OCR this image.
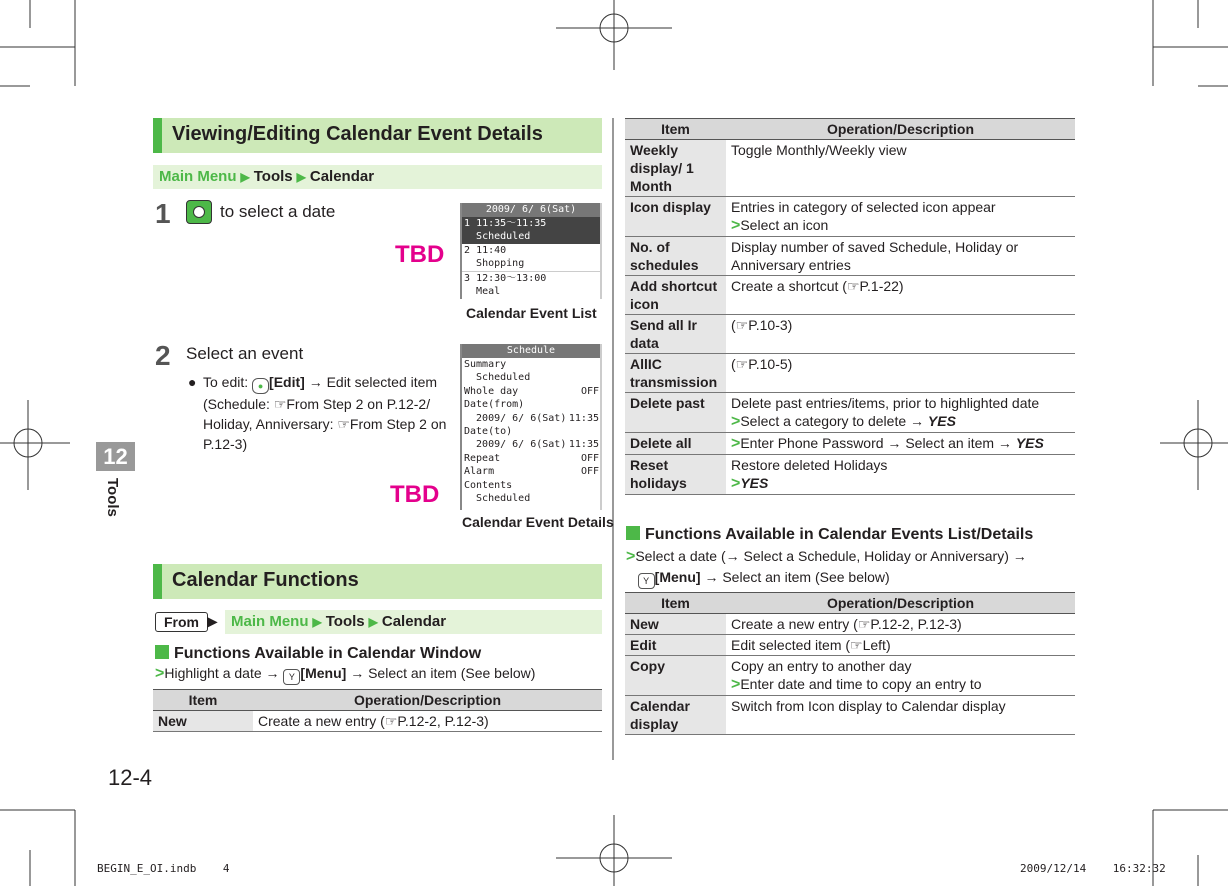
Viewing/Editing Calendar Event Details
Main Menu ▶ Tools ▶ Calendar
1	to select a date	2009/ 6/ 6(Sat)
1 11:35～11:35
Scheduled
2 11:40
Shopping
3 12:30～13:00
Meal
TBD
Calendar Event List
2 Select an event
● To edit: ● [Edit] → Edit selected item (Schedule: ☞From Step 2 on P.12-2/ Holiday, Anniversary: ☞From Step 2 on P.12-3)
Schedule
Summary
Scheduled
Whole day	OFF
Date(from)
2009/ 6/ 6(Sat) 11:35
Date(to)
2009/ 6/ 6(Sat) 11:35
Repeat	OFF
Alarm	OFF
Contents
Scheduled
TBD
Calendar Event Details
Calendar Functions
From ▶ Main Menu ▶ Tools ▶ Calendar
Functions Available in Calendar Window
>Highlight a date → Y [Menu] → Select an item (See below)
Item	Operation/Description
New	Create a new entry (☞P.12-2, P.12-3)
Item	Operation/Description
Weekly display/ 1 Month	Toggle Monthly/Weekly view
Icon display	Entries in category of selected icon appear
>Select an icon
No. of schedules	Display number of saved Schedule, Holiday or Anniversary entries
Add shortcut icon	Create a shortcut (☞P.1-22)
Send all Ir data	(☞P.10-3)
AllIC transmission	(☞P.10-5)
Delete past	Delete past entries/items, prior to highlighted date
>Select a category to delete → YES
Delete all	>Enter Phone Password → Select an item → YES
Reset holidays	Restore deleted Holidays
>YES
Functions Available in Calendar Events List/Details
>Select a date (→ Select a Schedule, Holiday or Anniversary) →
Y [Menu] → Select an item (See below)
Item	Operation/Description
New	Create a new entry (☞P.12-2, P.12-3)
Edit	Edit selected item (☞Left)
Copy	Copy an entry to another day
>Enter date and time to copy an entry to
Calendar display	Switch from Icon display to Calendar display
12
Tools
12-4
BEGIN_E_OI.indb    4	2009/12/14    16:32:32
